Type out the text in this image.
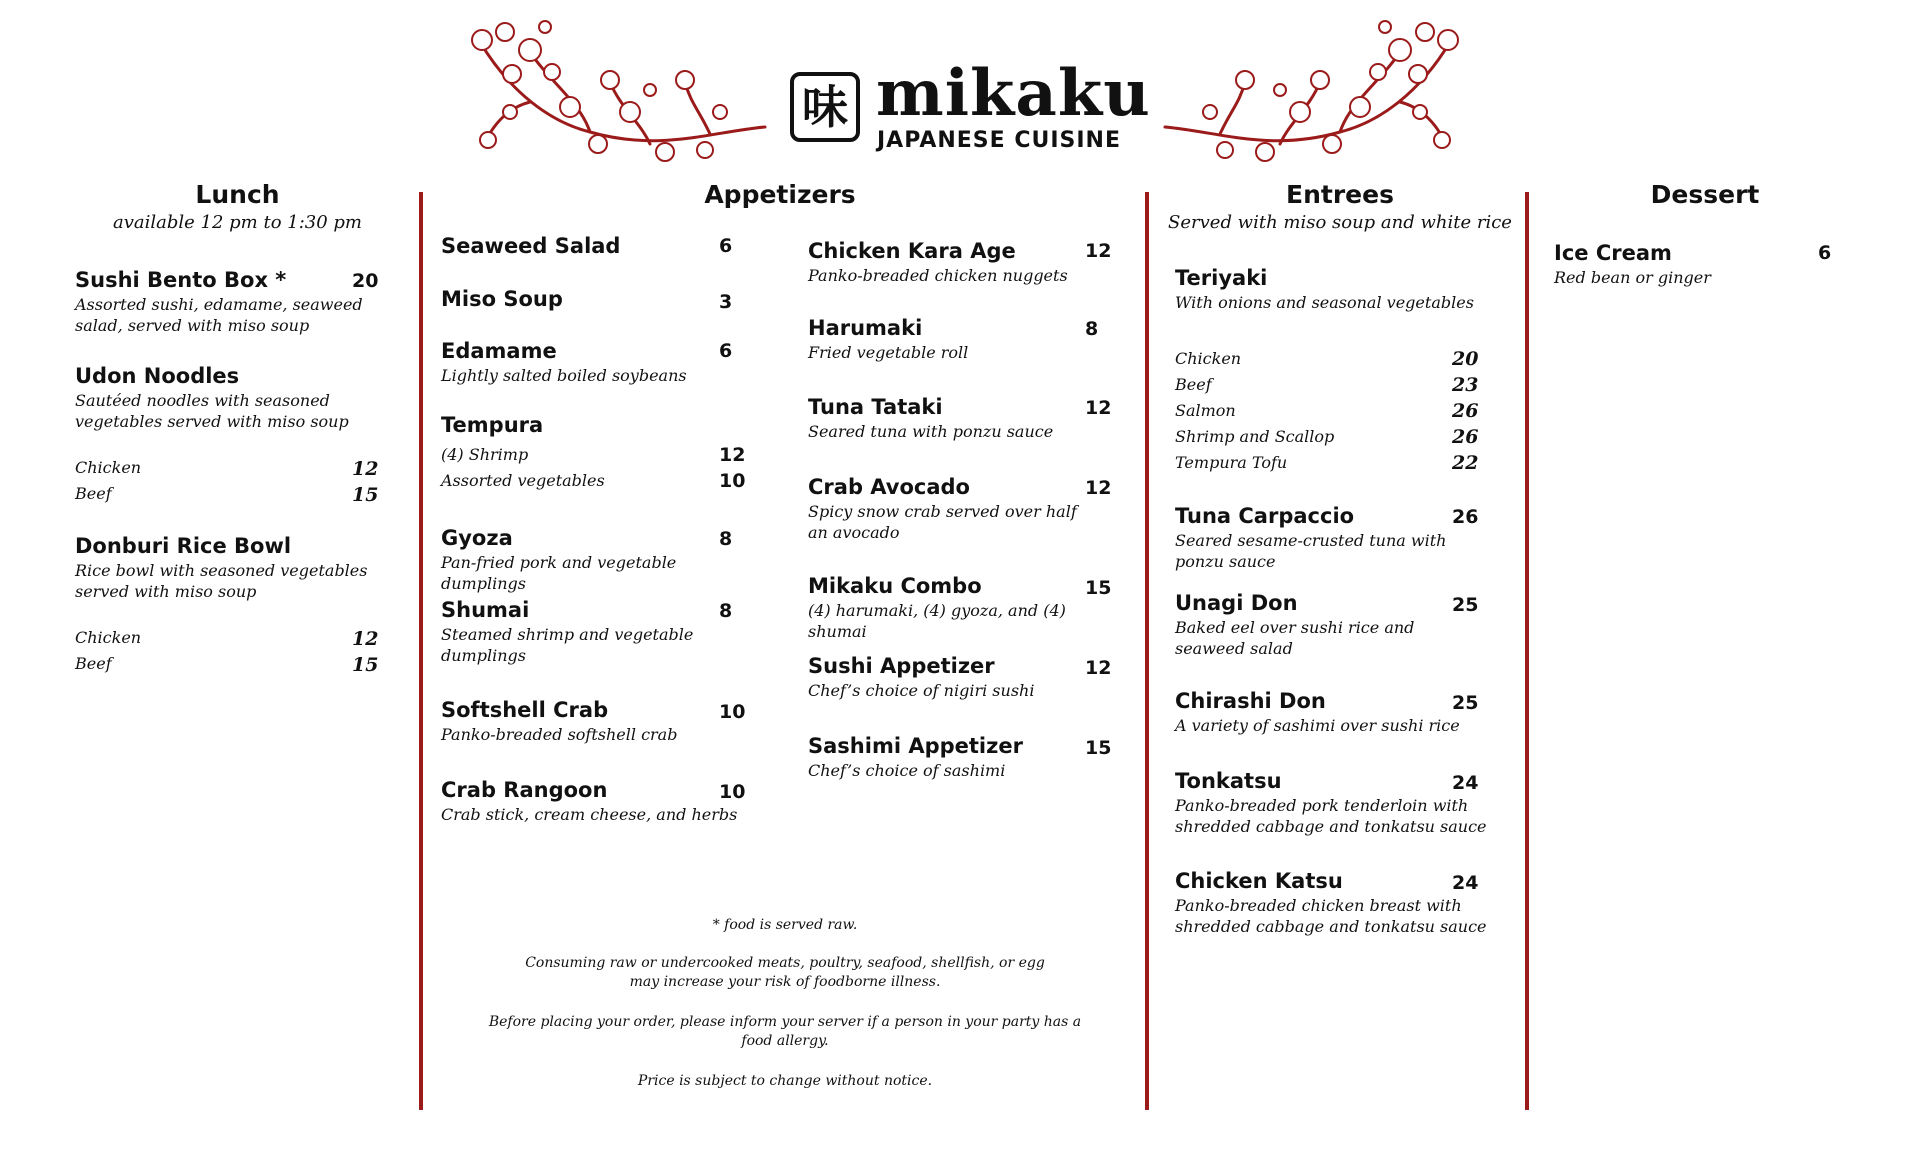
味 mikaku
JAPANESE CUISINE
Lunch
available 12 pm to 1:30 pm
Sushi Bento Box *
Assorted sushi, edamame, seaweed salad, served with miso soup
20
Udon Noodles
Sautéed noodles with seasoned vegetables served with miso soup
Chicken	12
Beef	15
Donburi Rice Bowl
Rice bowl with seasoned vegetables served with miso soup
Chicken	12
Beef	15
Appetizers
Seaweed Salad	6
Miso Soup	3
Edamame
Lightly salted boiled soybeans
6
Tempura
(4) Shrimp	12
Assorted vegetables	10
Gyoza
Pan-fried pork and vegetable dumplings
8
Shumai
Steamed shrimp and vegetable dumplings
8
Softshell Crab
Panko-breaded softshell crab
10
Crab Rangoon
Crab stick, cream cheese, and herbs
10
Chicken Kara Age
Panko-breaded chicken nuggets
12
Harumaki
Fried vegetable roll
8
Tuna Tataki
Seared tuna with ponzu sauce
12
Crab Avocado
Spicy snow crab served over half an avocado
12
Mikaku Combo
(4) harumaki, (4) gyoza, and (4) shumai
15
Sushi Appetizer
Chef’s choice of nigiri sushi
12
Sashimi Appetizer
Chef’s choice of sashimi
15
* food is served raw.
Consuming raw or undercooked meats, poultry, seafood, shellfish, or egg may increase your risk of foodborne illness.
Before placing your order, please inform your server if a person in your party has a food allergy.
Price is subject to change without notice.
Entrees
Served with miso soup and white rice
Teriyaki
With onions and seasonal vegetables
Chicken	20
Beef	23
Salmon	26
Shrimp and Scallop	26
Tempura Tofu	22
Tuna Carpaccio
Seared sesame-crusted tuna with ponzu sauce
26
Unagi Don
Baked eel over sushi rice and seaweed salad
25
Chirashi Don
A variety of sashimi over sushi rice
25
Tonkatsu
Panko-breaded pork tenderloin with shredded cabbage and tonkatsu sauce
24
Chicken Katsu
Panko-breaded chicken breast with shredded cabbage and tonkatsu sauce
24
Dessert
Ice Cream
Red bean or ginger
6
